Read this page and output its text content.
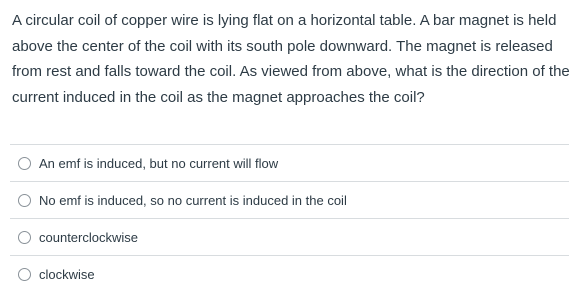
A circular coil of copper wire is lying flat on a horizontal table. A bar magnet is held above the center of the coil with its south pole downward. The magnet is released from rest and falls toward the coil. As viewed from above, what is the direction of the current induced in the coil as the magnet approaches the coil?
An emf is induced, but no current will flow
No emf is induced, so no current is induced in the coil
counterclockwise
clockwise
